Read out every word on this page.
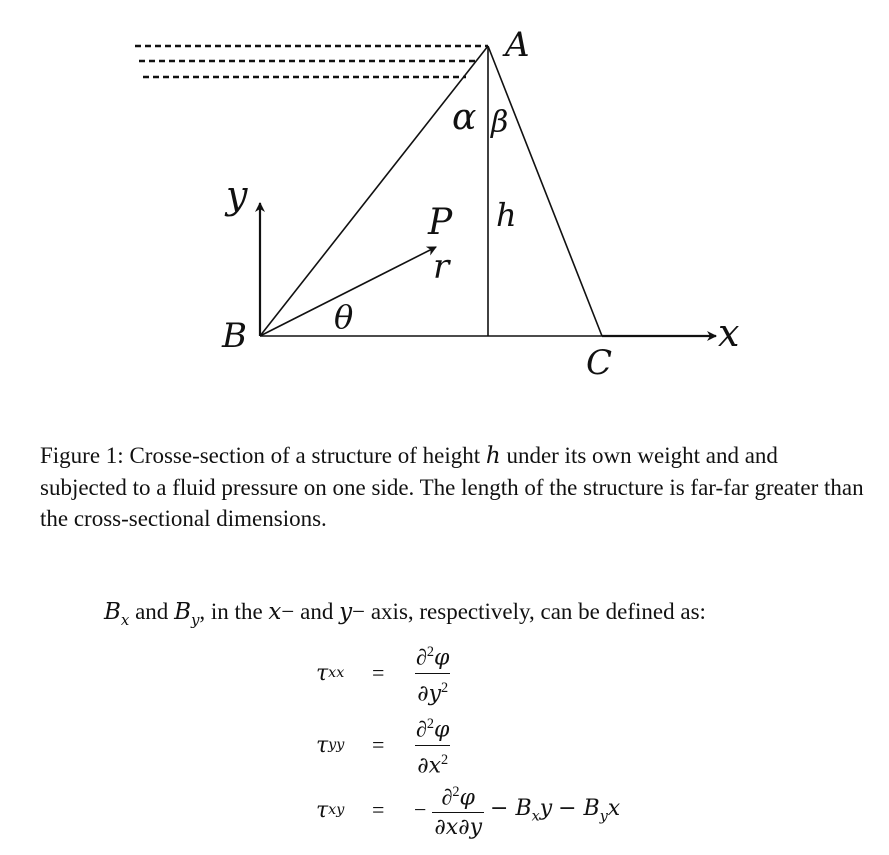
A
B
C
P
r
h
α β
θ	x
y
Figure 1: Crosse-section of a structure of height h under its own weight and and subjected to a fluid pressure on one side. The length of the structure is far-far greater than the cross-sectional dimensions.
$B_x$ and $B_y$, in the x− and y− axis, respectively, can be defined as:
τ xx = $\frac{\partial^2\varphi}{\partial y^2}$
τ yy = $\frac{\partial^2\varphi}{\partial x^2}$
τ xy = − $\frac{\partial^2\varphi}{\partial x\partial y} - B_xy - B_yx$
